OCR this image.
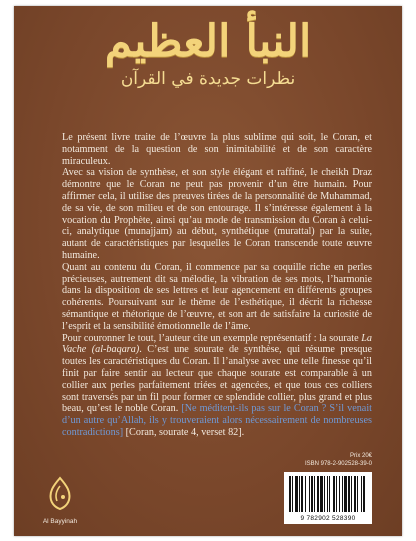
النبأ العظيم
نظرات جديدة في القرآن

Le présent livre traite de l’œuvre la plus sublime qui soit, le Coran, et notamment de la question de son inimitabilité et de son caractère miraculeux.

Avec sa vision de synthèse, et son style élégant et raffiné, le cheikh Draz démontre que le Coran ne peut pas provenir d’un être humain. Pour affirmer cela, il utilise des preuves tirées de la personnalité de Muhammad, de sa vie, de son milieu et de son entourage. Il s’intéresse également à la vocation du Prophète, ainsi qu’au mode de transmission du Coran à celui-ci, analytique (munajjam) au début, synthétique (murattal) par la suite, autant de caractéristiques par lesquelles le Coran transcende toute œuvre humaine.

Quant au contenu du Coran, il commence par sa coquille riche en perles précieuses, autrement dit sa mélodie, la vibration de ses mots, l’harmonie dans la disposition de ses lettres et leur agencement en différents groupes cohérents. Poursuivant sur le thème de l’esthétique, il décrit la richesse sémantique et rhétorique de l’œuvre, et son art de satisfaire la curiosité de l’esprit et la sensibilité émotionnelle de l’âme.

Pour couronner le tout, l’auteur cite un exemple représentatif : la sourate La Vache (al-baqara). C’est une sourate de synthèse, qui résume presque toutes les caractéristiques du Coran. Il l’analyse avec une telle finesse qu’il finit par faire sentir au lecteur que chaque sourate est comparable à un collier aux perles parfaitement triées et agencées, et que tous ces colliers sont traversés par un fil pour former ce splendide collier, plus grand et plus beau, qu’est le noble Coran. [Ne méditent-ils pas sur le Coran ? S’il venait d’un autre qu’Allah, ils y trouveraient alors nécessairement de nombreuses contradictions] [Coran, sourate 4, verset 82].

Prix 20€
ISBN 978-2-902528-39-0
9 782902 528390
Al Bayyinah
